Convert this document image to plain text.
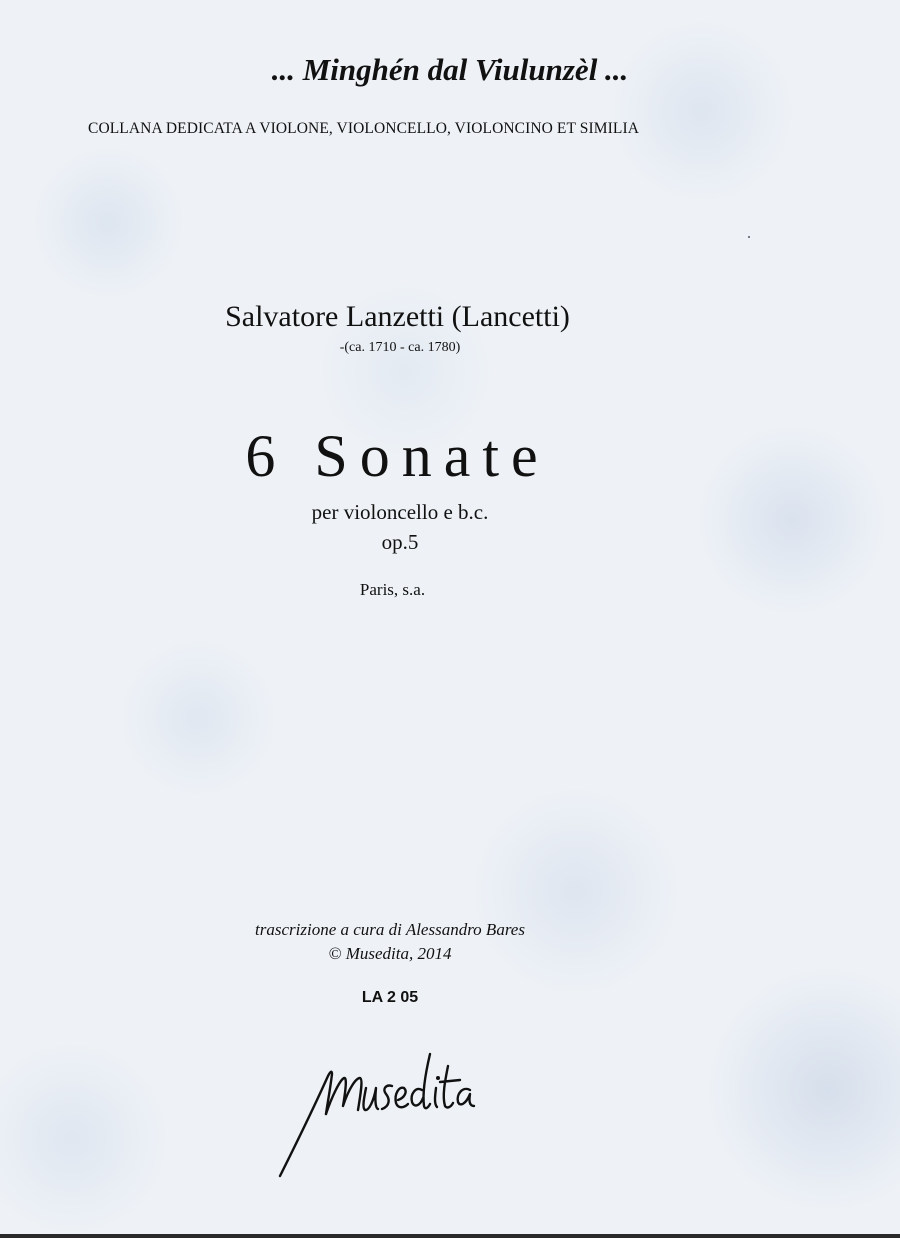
... Minghén dal Viulunzèl ...
COLLANA DEDICATA A VIOLONE, VIOLONCELLO, VIOLONCINO ET SIMILIA
Salvatore Lanzetti (Lancetti)
-(ca. 1710 - ca. 1780)
6 Sonate
per violoncello e b.c.
op.5
Paris, s.a.
trascrizione a cura di Alessandro Bares
© Musedita, 2014
LA 2 05
